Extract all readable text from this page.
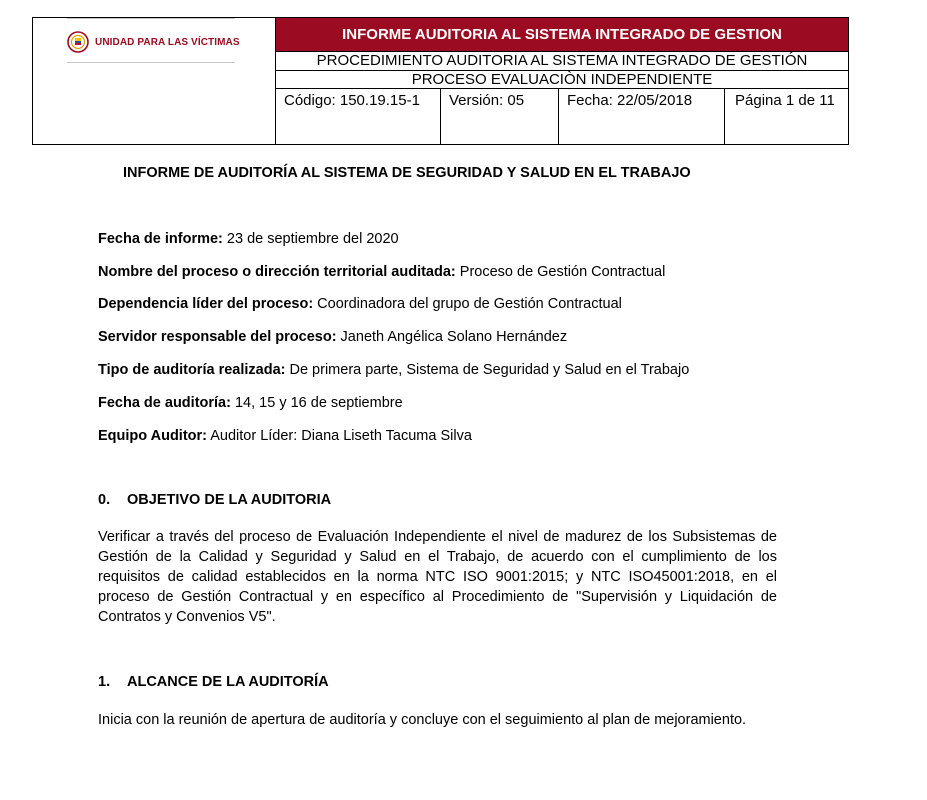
UNIDAD PARA LAS VÍCTIMAS	INFORME AUDITORIA AL SISTEMA INTEGRADO DE GESTION			
	PROCEDIMIENTO AUDITORIA AL SISTEMA INTEGRADO DE GESTIÓN			
	PROCESO EVALUACIÒN INDEPENDIENTE			
	Código: 150.19.15-1	Versión: 05	Fecha: 22/05/2018	Página 1 de 11
INFORME DE AUDITORÍA AL SISTEMA DE SEGURIDAD Y SALUD EN EL TRABAJO
Fecha de informe: 23 de septiembre del 2020
Nombre del proceso o dirección territorial auditada: Proceso de Gestión Contractual
Dependencia líder del proceso: Coordinadora del grupo de Gestión Contractual
Servidor responsable del proceso: Janeth Angélica Solano Hernández
Tipo de auditoría realizada: De primera parte, Sistema de Seguridad y Salud en el Trabajo
Fecha de auditoría: 14, 15 y 16 de septiembre
Equipo Auditor: Auditor Líder: Diana Liseth Tacuma Silva
0. OBJETIVO DE LA AUDITORIA
Verificar a través del proceso de Evaluación Independiente el nivel de madurez de los Subsistemas de Gestión de la Calidad y Seguridad y Salud en el Trabajo, de acuerdo con el cumplimiento de los requisitos de calidad establecidos en la norma NTC ISO 9001:2015; y NTC ISO45001:2018, en el proceso de Gestión Contractual y en específico al Procedimiento de "Supervisión y Liquidación de Contratos y Convenios V5".
1. ALCANCE DE LA AUDITORÍA
Inicia con la reunión de apertura de auditoría y concluye con el seguimiento al plan de mejoramiento.
